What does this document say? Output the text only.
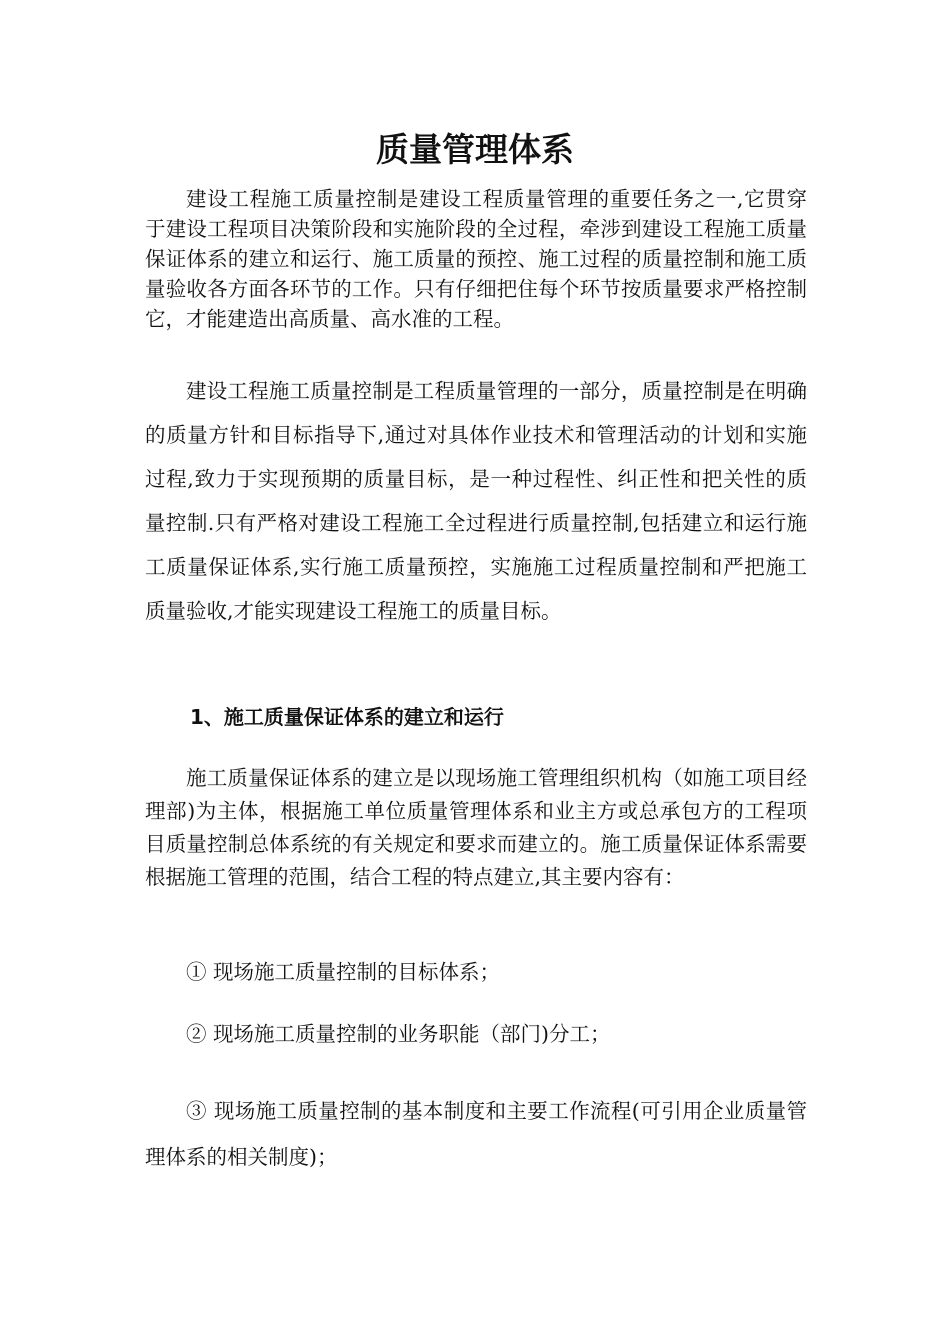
质量管理体系

建设工程施工质量控制是建设工程质量管理的重要任务之一,它贯穿于建设工程项目决策阶段和实施阶段的全过程，牵涉到建设工程施工质量保证体系的建立和运行、施工质量的预控、施工过程的质量控制和施工质量验收各方面各环节的工作。只有仔细把住每个环节按质量要求严格控制它，才能建造出高质量、高水准的工程。

建设工程施工质量控制是工程质量管理的一部分，质量控制是在明确的质量方针和目标指导下,通过对具体作业技术和管理活动的计划和实施过程,致力于实现预期的质量目标，是一种过程性、纠正性和把关性的质量控制.只有严格对建设工程施工全过程进行质量控制,包括建立和运行施工质量保证体系,实行施工质量预控，实施施工过程质量控制和严把施工质量验收,才能实现建设工程施工的质量目标。

1、施工质量保证体系的建立和运行

施工质量保证体系的建立是以现场施工管理组织机构（如施工项目经理部)为主体，根据施工单位质量管理体系和业主方或总承包方的工程项目质量控制总体系统的有关规定和要求而建立的。施工质量保证体系需要根据施工管理的范围，结合工程的特点建立,其主要内容有：

① 现场施工质量控制的目标体系；

② 现场施工质量控制的业务职能（部门)分工；

③ 现场施工质量控制的基本制度和主要工作流程(可引用企业质量管理体系的相关制度)；
